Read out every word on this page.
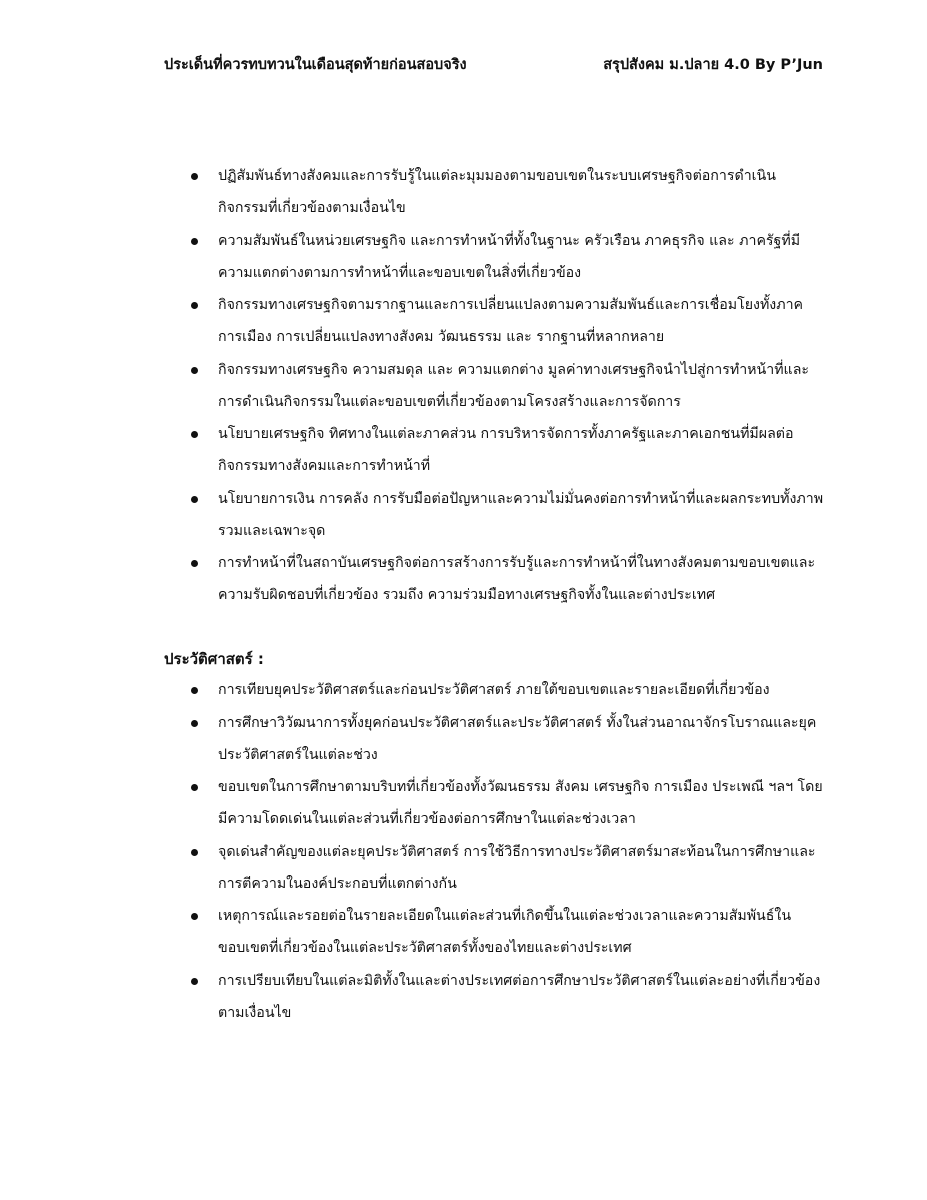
ประเด็นที่ควรทบทวนในเดือนสุดท้ายก่อนสอบจริง	สรุปสังคม ม.ปลาย 4.0 By P’Jun
ปฏิสัมพันธ์ทางสังคมและการรับรู้ในแต่ละมุมมองตามขอบเขตในระบบเศรษฐกิจต่อการดำเนินกิจกรรมที่เกี่ยวข้องตามเงื่อนไข
ความสัมพันธ์ในหน่วยเศรษฐกิจ และการทำหน้าที่ทั้งในฐานะ ครัวเรือน ภาคธุรกิจ และ ภาครัฐที่มีความแตกต่างตามการทำหน้าที่และขอบเขตในสิ่งที่เกี่ยวข้อง
กิจกรรมทางเศรษฐกิจตามรากฐานและการเปลี่ยนแปลงตามความสัมพันธ์และการเชื่อมโยงทั้งภาคการเมือง การเปลี่ยนแปลงทางสังคม วัฒนธรรม และ รากฐานที่หลากหลาย
กิจกรรมทางเศรษฐกิจ ความสมดุล และ ความแตกต่าง มูลค่าทางเศรษฐกิจนำไปสู่การทำหน้าที่และการดำเนินกิจกรรมในแต่ละขอบเขตที่เกี่ยวข้องตามโครงสร้างและการจัดการ
นโยบายเศรษฐกิจ ทิศทางในแต่ละภาคส่วน การบริหารจัดการทั้งภาครัฐและภาคเอกชนที่มีผลต่อกิจกรรมทางสังคมและการทำหน้าที่
นโยบายการเงิน การคลัง การรับมือต่อปัญหาและความไม่มั่นคงต่อการทำหน้าที่และผลกระทบทั้งภาพรวมและเฉพาะจุด
การทำหน้าที่ในสถาบันเศรษฐกิจต่อการสร้างการรับรู้และการทำหน้าที่ในทางสังคมตามขอบเขตและความรับผิดชอบที่เกี่ยวข้อง รวมถึง ความร่วมมือทางเศรษฐกิจทั้งในและต่างประเทศ
ประวัติศาสตร์ :
การเทียบยุคประวัติศาสตร์และก่อนประวัติศาสตร์ ภายใต้ขอบเขตและรายละเอียดที่เกี่ยวข้อง
การศึกษาวิวัฒนาการทั้งยุคก่อนประวัติศาสตร์และประวัติศาสตร์ ทั้งในส่วนอาณาจักรโบราณและยุคประวัติศาสตร์ในแต่ละช่วง
ขอบเขตในการศึกษาตามบริบทที่เกี่ยวข้องทั้งวัฒนธรรม สังคม เศรษฐกิจ การเมือง ประเพณี ฯลฯ โดยมีความโดดเด่นในแต่ละส่วนที่เกี่ยวข้องต่อการศึกษาในแต่ละช่วงเวลา
จุดเด่นสำคัญของแต่ละยุคประวัติศาสตร์ การใช้วิธีการทางประวัติศาสตร์มาสะท้อนในการศึกษาและการตีความในองค์ประกอบที่แตกต่างกัน
เหตุการณ์และรอยต่อในรายละเอียดในแต่ละส่วนที่เกิดขึ้นในแต่ละช่วงเวลาและความสัมพันธ์ในขอบเขตที่เกี่ยวข้องในแต่ละประวัติศาสตร์ทั้งของไทยและต่างประเทศ
การเปรียบเทียบในแต่ละมิติทั้งในและต่างประเทศต่อการศึกษาประวัติศาสตร์ในแต่ละอย่างที่เกี่ยวข้องตามเงื่อนไข
